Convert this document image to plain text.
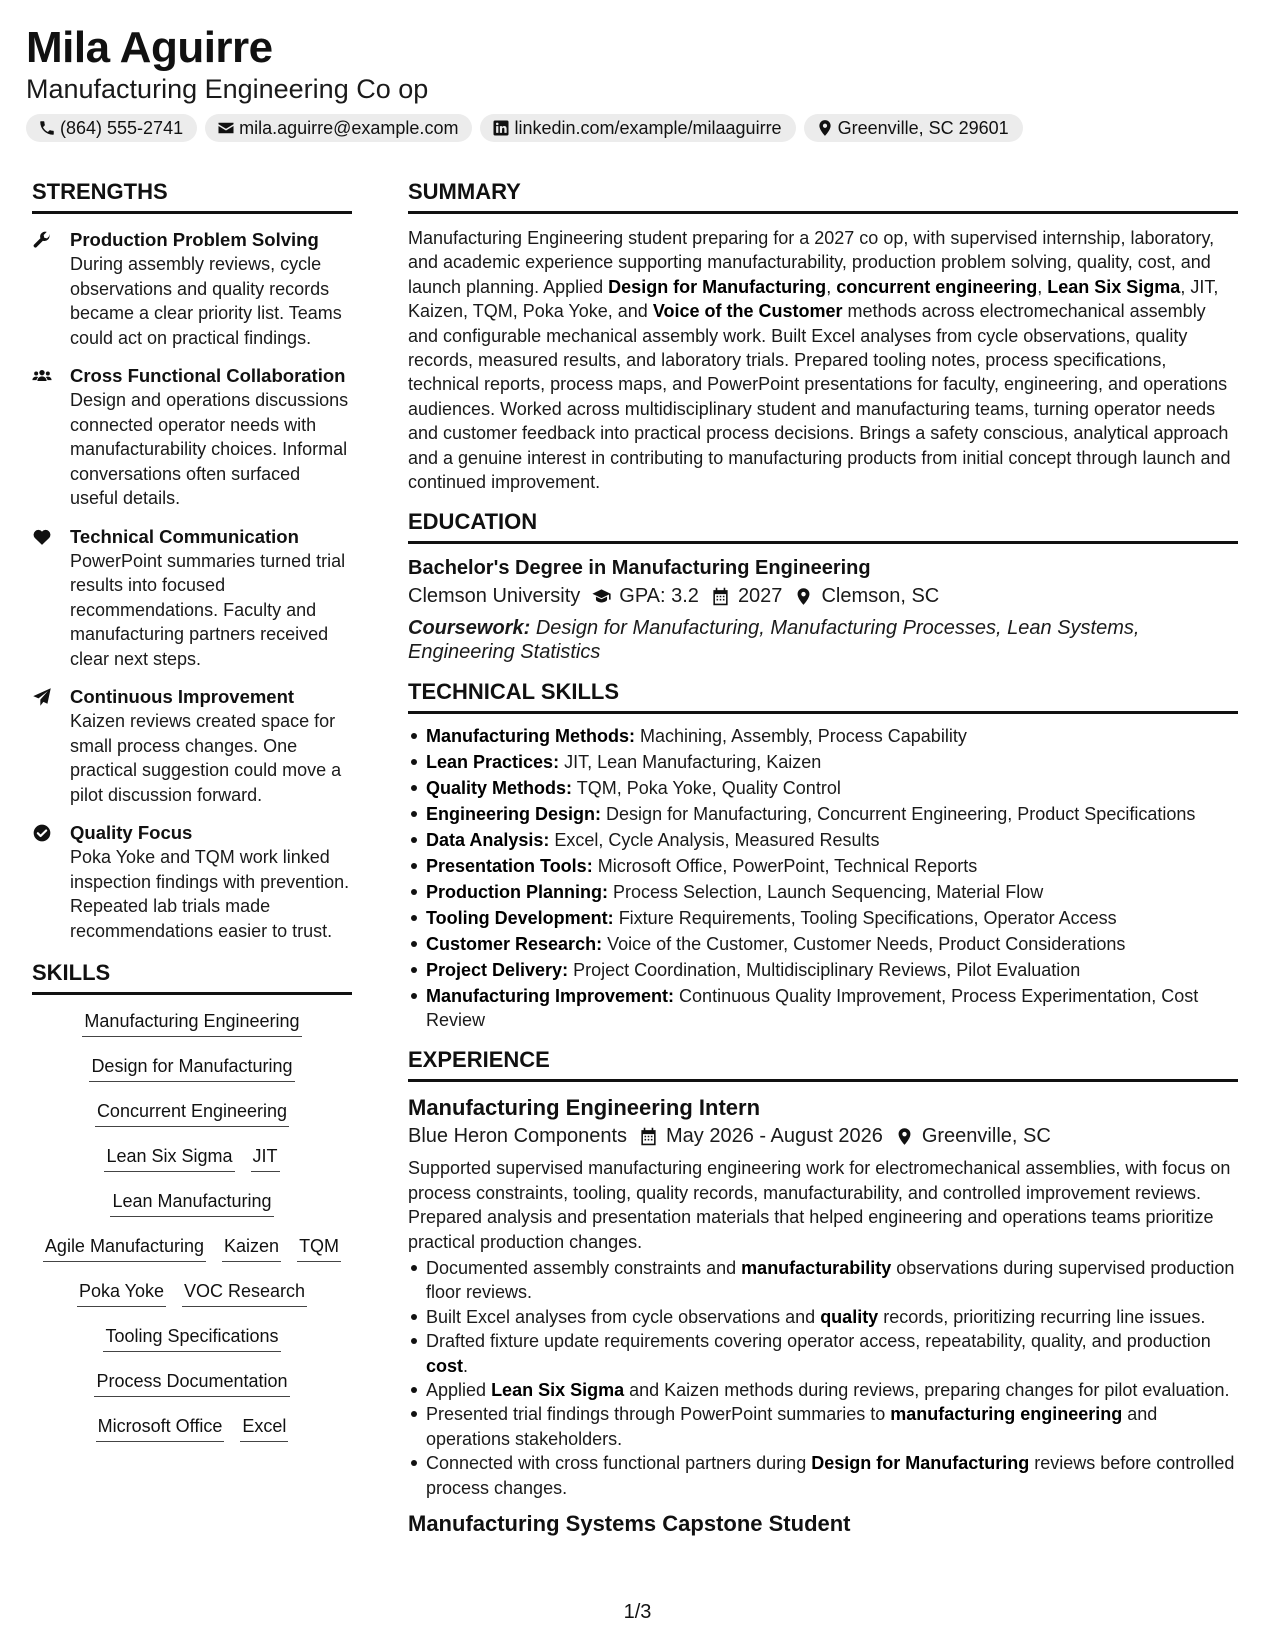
Mila Aguirre
Manufacturing Engineering Co op
(864) 555-2741	mila.aguirre@example.com	linkedin.com/example/milaaguirre	Greenville, SC 29601
STRENGTHS
Production Problem Solving
During assembly reviews, cycle observations and quality records became a clear priority list. Teams could act on practical findings.
Cross Functional Collaboration
Design and operations discussions connected operator needs with manufacturability choices. Informal conversations often surfaced useful details.
Technical Communication
PowerPoint summaries turned trial results into focused recommendations. Faculty and manufacturing partners received clear next steps.
Continuous Improvement
Kaizen reviews created space for small process changes. One practical suggestion could move a pilot discussion forward.
Quality Focus
Poka Yoke and TQM work linked inspection findings with prevention. Repeated lab trials made recommendations easier to trust.
SKILLS
Manufacturing Engineering
Design for Manufacturing
Concurrent Engineering
Lean Six Sigma JIT
Lean Manufacturing
Agile Manufacturing Kaizen TQM
Poka Yoke VOC Research
Tooling Specifications
Process Documentation
Microsoft Office Excel
SUMMARY

Manufacturing Engineering student preparing for a 2027 co op, with supervised internship, laboratory, and academic experience supporting manufacturability, production problem solving, quality, cost, and launch planning. Applied Design for Manufacturing, concurrent engineering, Lean Six Sigma, JIT, Kaizen, TQM, Poka Yoke, and Voice of the Customer methods across electromechanical assembly and configurable mechanical assembly work. Built Excel analyses from cycle observations, quality records, measured results, and laboratory trials. Prepared tooling notes, process specifications, technical reports, process maps, and PowerPoint presentations for faculty, engineering, and operations audiences. Worked across multidisciplinary student and manufacturing teams, turning operator needs and customer feedback into practical process decisions. Brings a safety conscious, analytical approach and a genuine interest in contributing to manufacturing products from initial concept through launch and continued improvement.

EDUCATION
Bachelor's Degree in Manufacturing Engineering
Clemson University GPA: 3.2 2027 Clemson, SC
Coursework: Design for Manufacturing, Manufacturing Processes, Lean Systems, Engineering Statistics
TECHNICAL SKILLS
Manufacturing Methods: Machining, Assembly, Process Capability
Lean Practices: JIT, Lean Manufacturing, Kaizen
Quality Methods: TQM, Poka Yoke, Quality Control
Engineering Design: Design for Manufacturing, Concurrent Engineering, Product Specifications
Data Analysis: Excel, Cycle Analysis, Measured Results
Presentation Tools: Microsoft Office, PowerPoint, Technical Reports
Production Planning: Process Selection, Launch Sequencing, Material Flow
Tooling Development: Fixture Requirements, Tooling Specifications, Operator Access
Customer Research: Voice of the Customer, Customer Needs, Product Considerations
Project Delivery: Project Coordination, Multidisciplinary Reviews, Pilot Evaluation
Manufacturing Improvement: Continuous Quality Improvement, Process Experimentation, Cost Review
EXPERIENCE
Manufacturing Engineering Intern
Blue Heron Components May 2026 - August 2026 Greenville, SC
Supported supervised manufacturing engineering work for electromechanical assemblies, with focus on process constraints, tooling, quality records, manufacturability, and controlled improvement reviews. Prepared analysis and presentation materials that helped engineering and operations teams prioritize practical production changes.
Documented assembly constraints and manufacturability observations during supervised production floor reviews.
Built Excel analyses from cycle observations and quality records, prioritizing recurring line issues.
Drafted fixture update requirements covering operator access, repeatability, quality, and production cost.
Applied Lean Six Sigma and Kaizen methods during reviews, preparing changes for pilot evaluation.
Presented trial findings through PowerPoint summaries to manufacturing engineering and operations stakeholders.
Connected with cross functional partners during Design for Manufacturing reviews before controlled process changes.
Manufacturing Systems Capstone Student
1/3
